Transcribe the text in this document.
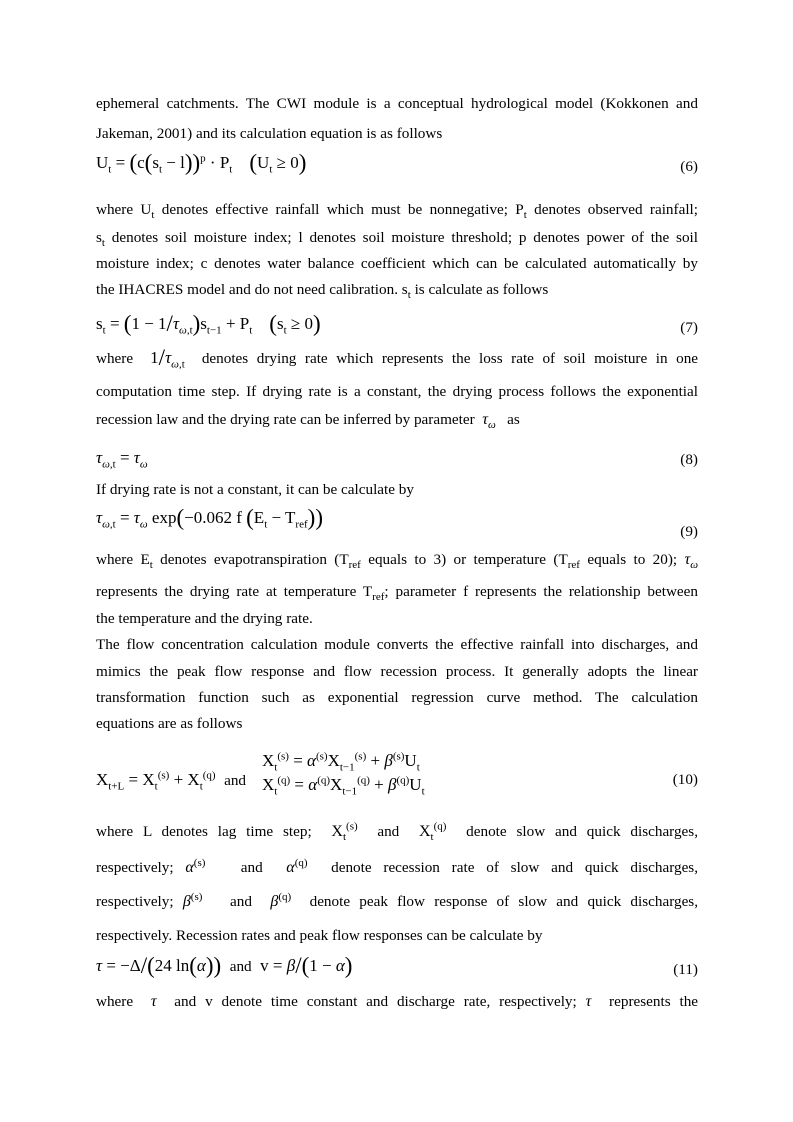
ephemeral catchments. The CWI module is a conceptual hydrological model (Kokkonen and

Jakeman, 2001) and its calculation equation is as follows

$U_t = (c(s_t - l))^p \cdot P_t$ $(U_t \ge 0)$	(6)

where $U_t$ denotes effective rainfall which must be nonnegative; $P_t$ denotes observed rainfall;

$s_t$ denotes soil moisture index; l denotes soil moisture threshold; p denotes power of the soil

moisture index; c denotes water balance coefficient which can be calculated automatically by

the IHACRES model and do not need calibration. $s_t$ is calculate as follows

$s_t = (1 - 1/\tau_{\omega,t})s_{t-1} + P_t$ $(s_t \ge 0)$	(7)

where $1/\tau_{\omega,t}$ denotes drying rate which represents the loss rate of soil moisture in one

computation time step. If drying rate is a constant, the drying process follows the exponential

recession law and the drying rate can be inferred by parameter $\tau_\omega$ as

$\tau_{\omega,t} = \tau_\omega$	(8)

If drying rate is not a constant, it can be calculate by

$\tau_{\omega,t} = \tau_\omega$ exp(−0.062 f $(E_t - T_{ref})$)
(9)

where $E_t$ denotes evapotranspiration ($T_{ref}$ equals to 3) or temperature ($T_{ref}$ equals to 20); $\tau_\omega$

represents the drying rate at temperature $T_{ref}$; parameter f represents the relationship between

the temperature and the drying rate.

The flow concentration calculation module converts the effective rainfall into discharges, and

mimics the peak flow response and flow recession process. It generally adopts the linear

transformation function such as exponential regression curve method. The calculation

equations are as follows

$X_{t+L} = X_t^{(s)} + X_t^{(q)}$ and
$X_t^{(s)} = \alpha^{(s)}X_{t-1}^{(s)} + \beta^{(s)}U_t$
$X_t^{(q)} = \alpha^{(q)}X_{t-1}^{(q)} + \beta^{(q)}U_t$
(10)

where L denotes lag time step; $X_t^{(s)}$ and $X_t^{(q)}$ denote slow and quick discharges,

respectively; $\alpha^{(s)}$ and $\alpha^{(q)}$ denote recession rate of slow and quick discharges,

respectively; $\beta^{(s)}$ and $\beta^{(q)}$ denote peak flow response of slow and quick discharges,

respectively. Recession rates and peak flow responses can be calculate by

τ = −Δ/(24 ln(α)) and  v = β/(1 − α)	(11)

where τ and v denote time constant and discharge rate, respectively; τ represents the
